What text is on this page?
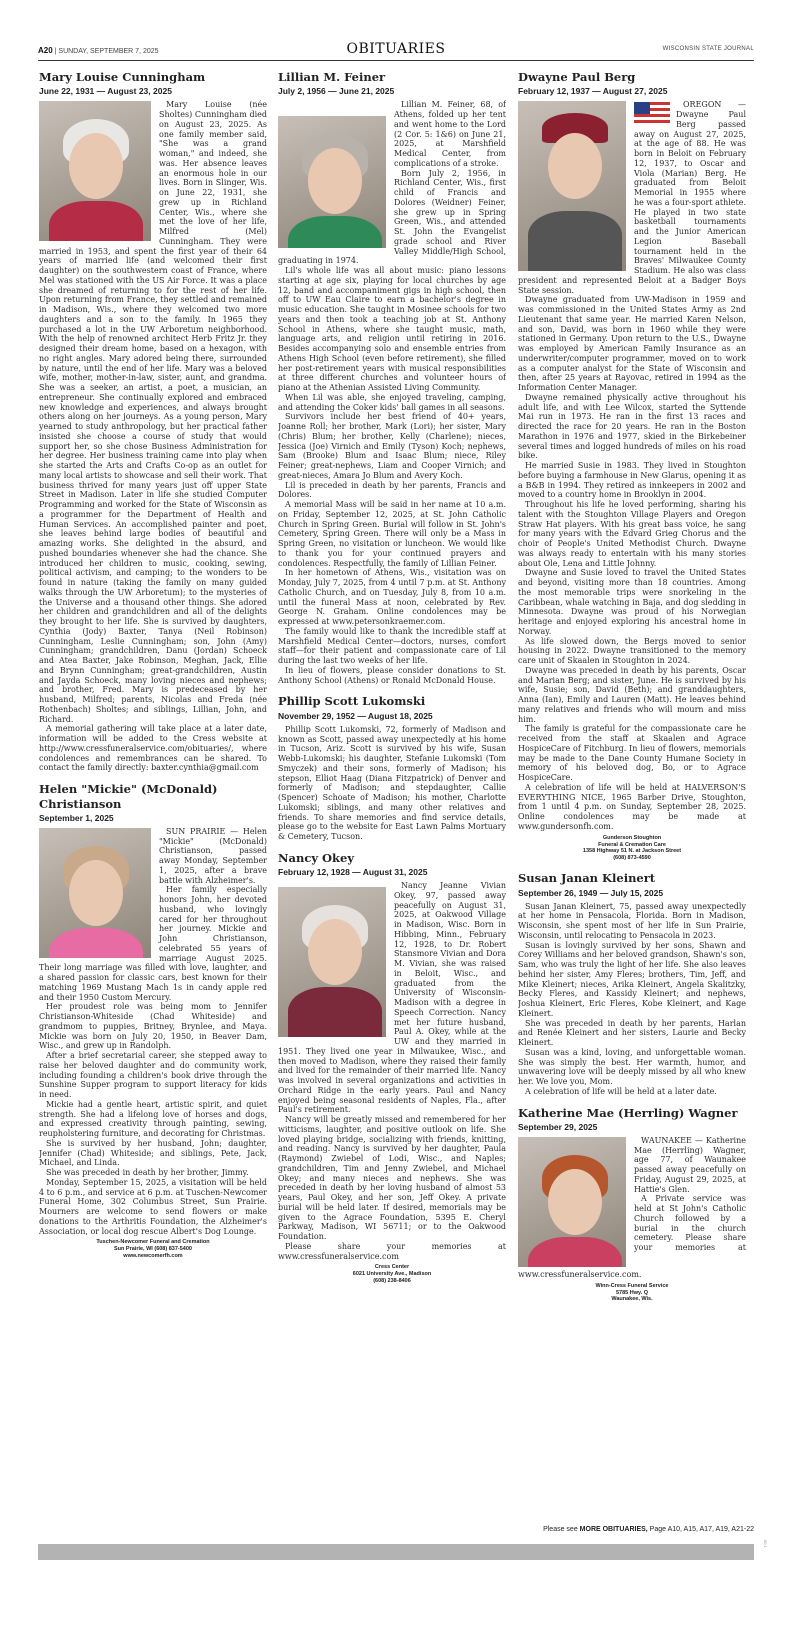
A20 | SUNDAY, SEPTEMBER 7, 2025	OBITUARIES	WISCONSIN STATE JOURNAL
Mary Louise Cunningham
June 22, 1931 — August 23, 2025

Mary Louise (née Sholtes) Cunningham died on August 23, 2025. As one family member said, "She was a grand woman," and indeed, she was. Her absence leaves an enormous hole in our lives. Born in Slinger, Wis. on June 22, 1931, she grew up in Richland Center, Wis., where she met the love of her life, Milfred (Mel) Cunningham. They were married in 1953, and spent the first year of their 64 years of married life (and welcomed their first daughter) on the southwestern coast of France, where Mel was stationed with the US Air Force. It was a place she dreamed of returning to for the rest of her life. Upon returning from France, they settled and remained in Madison, Wis., where they welcomed two more daughters and a son to the family. In 1965 they purchased a lot in the UW Arboretum neighborhood. With the help of renowned architect Herb Fritz Jr. they designed their dream home, based on a hexagon, with no right angles. Mary adored being there, surrounded by nature, until the end of her life. Mary was a beloved wife, mother, mother-in-law, sister, aunt, and grandma. She was a seeker, an artist, a poet, a musician, an entrepreneur. She continually explored and embraced new knowledge and experiences, and always brought others along on her journeys. As a young person, Mary yearned to study anthropology, but her practical father insisted she choose a course of study that would support her, so she chose Business Administration for her degree. Her business training came into play when she started the Arts and Crafts Co-op as an outlet for many local artists to showcase and sell their work. That business thrived for many years just off upper State Street in Madison. Later in life she studied Computer Programming and worked for the State of Wisconsin as a programmer for the Department of Health and Human Services. An accomplished painter and poet, she leaves behind large bodies of beautiful and amazing works. She delighted in the absurd, and pushed boundaries whenever she had the chance. She introduced her children to music, cooking, sewing, political activism, and camping; to the wonders to be found in nature (taking the family on many guided walks through the UW Arboretum); to the mysteries of the Universe and a thousand other things. She adored her children and grandchildren and all of the delights they brought to her life. She is survived by daughters, Cynthia (Jody) Baxter, Tanya (Neil Robinson) Cunningham, Leslie Cunningham; son, John (Amy) Cunningham; grandchildren, Danu (Jordan) Schoeck and Atea Baxter, Jake Robinson, Meghan, Jack, Ellie and Brynn Cunningham; great-grandchildren, Austin and Jayda Schoeck, many loving nieces and nephews; and brother, Fred. Mary is predeceased by her husband, Milfred; parents, Nicolas and Freda (née Rothenbach) Sholtes; and siblings, Lillian, John, and Richard.

A memorial gathering will take place at a later date, information will be added to the Cress website at http://www.cressfuneralservice.com/obituaries/, where condolences and remembrances can be shared. To contact the family directly: baxter.cynthia@gmail.com

Helen "Mickie" (McDonald) Christianson
September 1, 2025

SUN PRAIRIE — Helen "Mickie" (McDonald) Christianson, passed away Monday, September 1, 2025, after a brave battle with Alzheimer's.

Her family especially honors John, her devoted husband, who lovingly cared for her throughout her journey. Mickie and John Christianson, celebrated 55 years of marriage August 2025. Their long marriage was filled with love, laughter, and a shared passion for classic cars, best known for their matching 1969 Mustang Mach 1s in candy apple red and their 1950 Custom Mercury.

Her proudest role was being mom to Jennifer Christianson-Whiteside (Chad Whiteside) and grandmom to puppies, Britney, Brynlee, and Maya. Mickie was born on July 20, 1950, in Beaver Dam, Wisc., and grew up in Randolph.

After a brief secretarial career, she stepped away to raise her beloved daughter and do community work, including founding a children's book drive through the Sunshine Supper program to support literacy for kids in need.

Mickie had a gentle heart, artistic spirit, and quiet strength. She had a lifelong love of horses and dogs, and expressed creativity through painting, sewing, reupholstering furniture, and decorating for Christmas.

She is survived by her husband, John; daughter, Jennifer (Chad) Whiteside; and siblings, Pete, Jack, Michael, and Linda.

She was preceded in death by her brother, Jimmy.

Monday, September 15, 2025, a visitation will be held 4 to 6 p.m., and service at 6 p.m. at Tuschen-Newcomer Funeral Home, 302 Columbus Street, Sun Prairie. Mourners are welcome to send flowers or make donations to the Arthritis Foundation, the Alzheimer's Association, or local dog rescue Albert's Dog Lounge.

Tuschen-Newcomer Funeral and Cremation
Sun Prairie, WI (608) 837-5400
www.newcomerfh.com
Lillian M. Feiner
July 2, 1956 — June 21, 2025

Lillian M. Feiner, 68, of Athens, folded up her tent and went home to the Lord (2 Cor. 5: 1&6) on June 21, 2025, at Marshfield Medical Center, from complications of a stroke.

Born July 2, 1956, in Richland Center, Wis., first child of Francis and Dolores (Weidner) Feiner, she grew up in Spring Green, Wis., and attended St. John the Evangelist grade school and River Valley Middle/High School, graduating in 1974.

Lil's whole life was all about music: piano lessons starting at age six, playing for local churches by age 12, band and accompaniment gigs in high school, then off to UW Eau Claire to earn a bachelor's degree in music education. She taught in Mosinee schools for two years and then took a teaching job at St. Anthony School in Athens, where she taught music, math, language arts, and religion until retiring in 2016. Besides accompanying solo and ensemble entries from Athens High School (even before retirement), she filled her post-retirement years with musical responsibilities at three different churches and volunteer hours of piano at the Athenian Assisted Living Community.

When Lil was able, she enjoyed traveling, camping, and attending the Coker kids' ball games in all seasons.

Survivors include her best friend of 40+ years, Joanne Roll; her brother, Mark (Lori); her sister, Mary (Chris) Blum; her brother, Kelly (Charlene); nieces, Jessica (Joe) Virnich and Emily (Tyson) Koch; nephews, Sam (Brooke) Blum and Isaac Blum; niece, Riley Feiner; great-nephews, Liam and Cooper Virnich; and great-nieces, Amara Jo Blum and Avery Koch.

Lil is preceded in death by her parents, Francis and Dolores.

A memorial Mass will be said in her name at 10 a.m. on Friday, September 12, 2025, at St. John Catholic Church in Spring Green. Burial will follow in St. John's Cemetery, Spring Green. There will only be a Mass in Spring Green, no visitation or luncheon. We would like to thank you for your continued prayers and condolences. Respectfully, the family of Lillian Feiner.

In her hometown of Athens, Wis., visitation was on Monday, July 7, 2025, from 4 until 7 p.m. at St. Anthony Catholic Church, and on Tuesday, July 8, from 10 a.m. until the funeral Mass at noon, celebrated by Rev. George N. Graham. Online condolences may be expressed at www.petersonkraemer.com.

The family would like to thank the incredible staff at Marshfield Medical Center—doctors, nurses, comfort staff—for their patient and compassionate care of Lil during the last two weeks of her life.

In lieu of flowers, please consider donations to St. Anthony School (Athens) or Ronald McDonald House.

Phillip Scott Lukomski
November 29, 1952 — August 18, 2025

Phillip Scott Lukomski, 72, formerly of Madison and known as Scott, passed away unexpectedly at his home in Tucson, Ariz. Scott is survived by his wife, Susan Webb-Lukomski; his daughter, Stefanie Lukomski (Tom Smyczek) and their sons, formerly of Madison; his stepson, Elliot Haag (Diana Fitzpatrick) of Denver and formerly of Madison; and stepdaughter, Callie (Spencer) Schoate of Madison; his mother, Charlotte Lukomski; siblings, and many other relatives and friends. To share memories and find service details, please go to the website for East Lawn Palms Mortuary & Cemetery, Tucson.

Nancy Okey
February 12, 1928 — August 31, 2025

Nancy Jeanne Vivian Okey, 97, passed away peacefully on August 31, 2025, at Oakwood Village in Madison, Wisc. Born in Hibbing, Minn., February 12, 1928, to Dr. Robert Stansmore Vivian and Dora M. Vivian, she was raised in Beloit, Wisc., and graduated from the University of Wisconsin-Madison with a degree in Speech Correction. Nancy met her future husband, Paul A. Okey, while at the UW and they married in 1951. They lived one year in Milwaukee, Wisc., and then moved to Madison, where they raised their family and lived for the remainder of their married life. Nancy was involved in several organizations and activities in Orchard Ridge in the early years. Paul and Nancy enjoyed being seasonal residents of Naples, Fla., after Paul's retirement.

Nancy will be greatly missed and remembered for her witticisms, laughter, and positive outlook on life. She loved playing bridge, socializing with friends, knitting, and reading. Nancy is survived by her daughter, Paula (Raymond) Zwiebel of Lodi, Wisc., and Naples; grandchildren, Tim and Jenny Zwiebel, and Michael Okey; and many nieces and nephews. She was preceded in death by her loving husband of almost 53 years, Paul Okey, and her son, Jeff Okey. A private burial will be held later. If desired, memorials may be given to the Agrace Foundation, 5395 E. Cheryl Parkway, Madison, WI 56711; or to the Oakwood Foundation.

Please share your memories at www.cressfuneralservice.com

Cress Center
6021 University Ave., Madison
(608) 238-8406
Dwayne Paul Berg
February 12, 1937 — August 27, 2025

OREGON — Dwayne Paul Berg passed away on August 27, 2025, at the age of 88. He was born in Beloit on February 12, 1937, to Oscar and Viola (Marian) Berg. He graduated from Beloit Memorial in 1955 where he was a four-sport athlete. He played in two state basketball tournaments and the Junior American Legion Baseball tournament held in the Braves' Milwaukee County Stadium. He also was class president and represented Beloit at a Badger Boys State session.

Dwayne graduated from UW-Madison in 1959 and was commissioned in the United States Army as 2nd Lieutenant that same year. He married Karen Nelson, and son, David, was born in 1960 while they were stationed in Germany. Upon return to the U.S., Dwayne was employed by American Family Insurance as an underwriter/computer programmer, moved on to work as a computer analyst for the State of Wisconsin and then, after 25 years at Rayovac, retired in 1994 as the Information Center Manager.

Dwayne remained physically active throughout his adult life, and with Lee Wilcox, started the Syttende Mai run in 1973. He ran in the first 13 races and directed the race for 20 years. He ran in the Boston Marathon in 1976 and 1977, skied in the Birkebeiner several times and logged hundreds of miles on his road bike.

He married Susie in 1983. They lived in Stoughton before buying a farmhouse in New Glarus, opening it as a B&B in 1994. They retired as innkeepers in 2002 and moved to a country home in Brooklyn in 2004.

Throughout his life he loved performing, sharing his talent with the Stoughton Village Players and Oregon Straw Hat players. With his great bass voice, he sang for many years with the Edvard Grieg Chorus and the choir of People's United Methodist Church. Dwayne was always ready to entertain with his many stories about Ole, Lena and Little Johnny.

Dwayne and Susie loved to travel the United States and beyond, visiting more than 18 countries. Among the most memorable trips were snorkeling in the Caribbean, whale watching in Baja, and dog sledding in Minnesota. Dwayne was proud of his Norwegian heritage and enjoyed exploring his ancestral home in Norway.

As life slowed down, the Bergs moved to senior housing in 2022. Dwayne transitioned to the memory care unit of Skaalen in Stoughton in 2024.

Dwayne was preceded in death by his parents, Oscar and Marian Berg; and sister, June. He is survived by his wife, Susie; son, David (Beth); and granddaughters, Anna (Ian), Emily and Lauren (Matt). He leaves behind many relatives and friends who will mourn and miss him.

The family is grateful for the compassionate care he received from the staff at Skaalen and Agrace HospiceCare of Fitchburg. In lieu of flowers, memorials may be made to the Dane County Humane Society in memory of his beloved dog, Bo, or to Agrace HospiceCare.

A celebration of life will be held at HALVERSON'S EVERYTHING NICE, 1965 Barber Drive, Stoughton, from 1 until 4 p.m. on Sunday, September 28, 2025. Online condolences may be made at www.gundersonfh.com.

Gunderson Stoughton
Funeral & Cremation Care
1358 Highway 51 N. at Jackson Street
(608) 873-4590
Susan Janan Kleinert
September 26, 1949 — July 15, 2025

Susan Janan Kleinert, 75, passed away unexpectedly at her home in Pensacola, Florida. Born in Madison, Wisconsin, she spent most of her life in Sun Prairie, Wisconsin, until relocating to Pensacola in 2023.

Susan is lovingly survived by her sons, Shawn and Corey Williams and her beloved grandson, Shawn's son, Sam, who was truly the light of her life. She also leaves behind her sister, Amy Fleres; brothers, Tim, Jeff, and Mike Kleinert; nieces, Arika Kleinert, Angela Skalitzky, Becky Fleres, and Kassidy Kleinert; and nephews, Joshua Kleinert, Eric Fleres, Kobe Kleinert, and Kage Kleinert.

She was preceded in death by her parents, Harlan and Renée Kleinert and her sisters, Laurie and Becky Kleinert.

Susan was a kind, loving, and unforgettable woman. She was simply the best. Her warmth, humor, and unwavering love will be deeply missed by all who knew her. We love you, Mom.

A celebration of life will be held at a later date.

Katherine Mae (Herrling) Wagner
September 29, 2025

WAUNAKEE — Katherine Mae (Herrling) Wagner, age 77, of Waunakee passed away peacefully on Friday, August 29, 2025, at Hattie's Glen.

A Private service was held at St John's Catholic Church followed by a burial in the church cemetery. Please share your memories at www.cressfuneralservice.com.

Winn-Cress Funeral Service
5785 Hwy. Q
Waunakee, Wis.
Please see MORE OBITUARIES, Page A10, A15, A17, A19, A21-22
00 1
